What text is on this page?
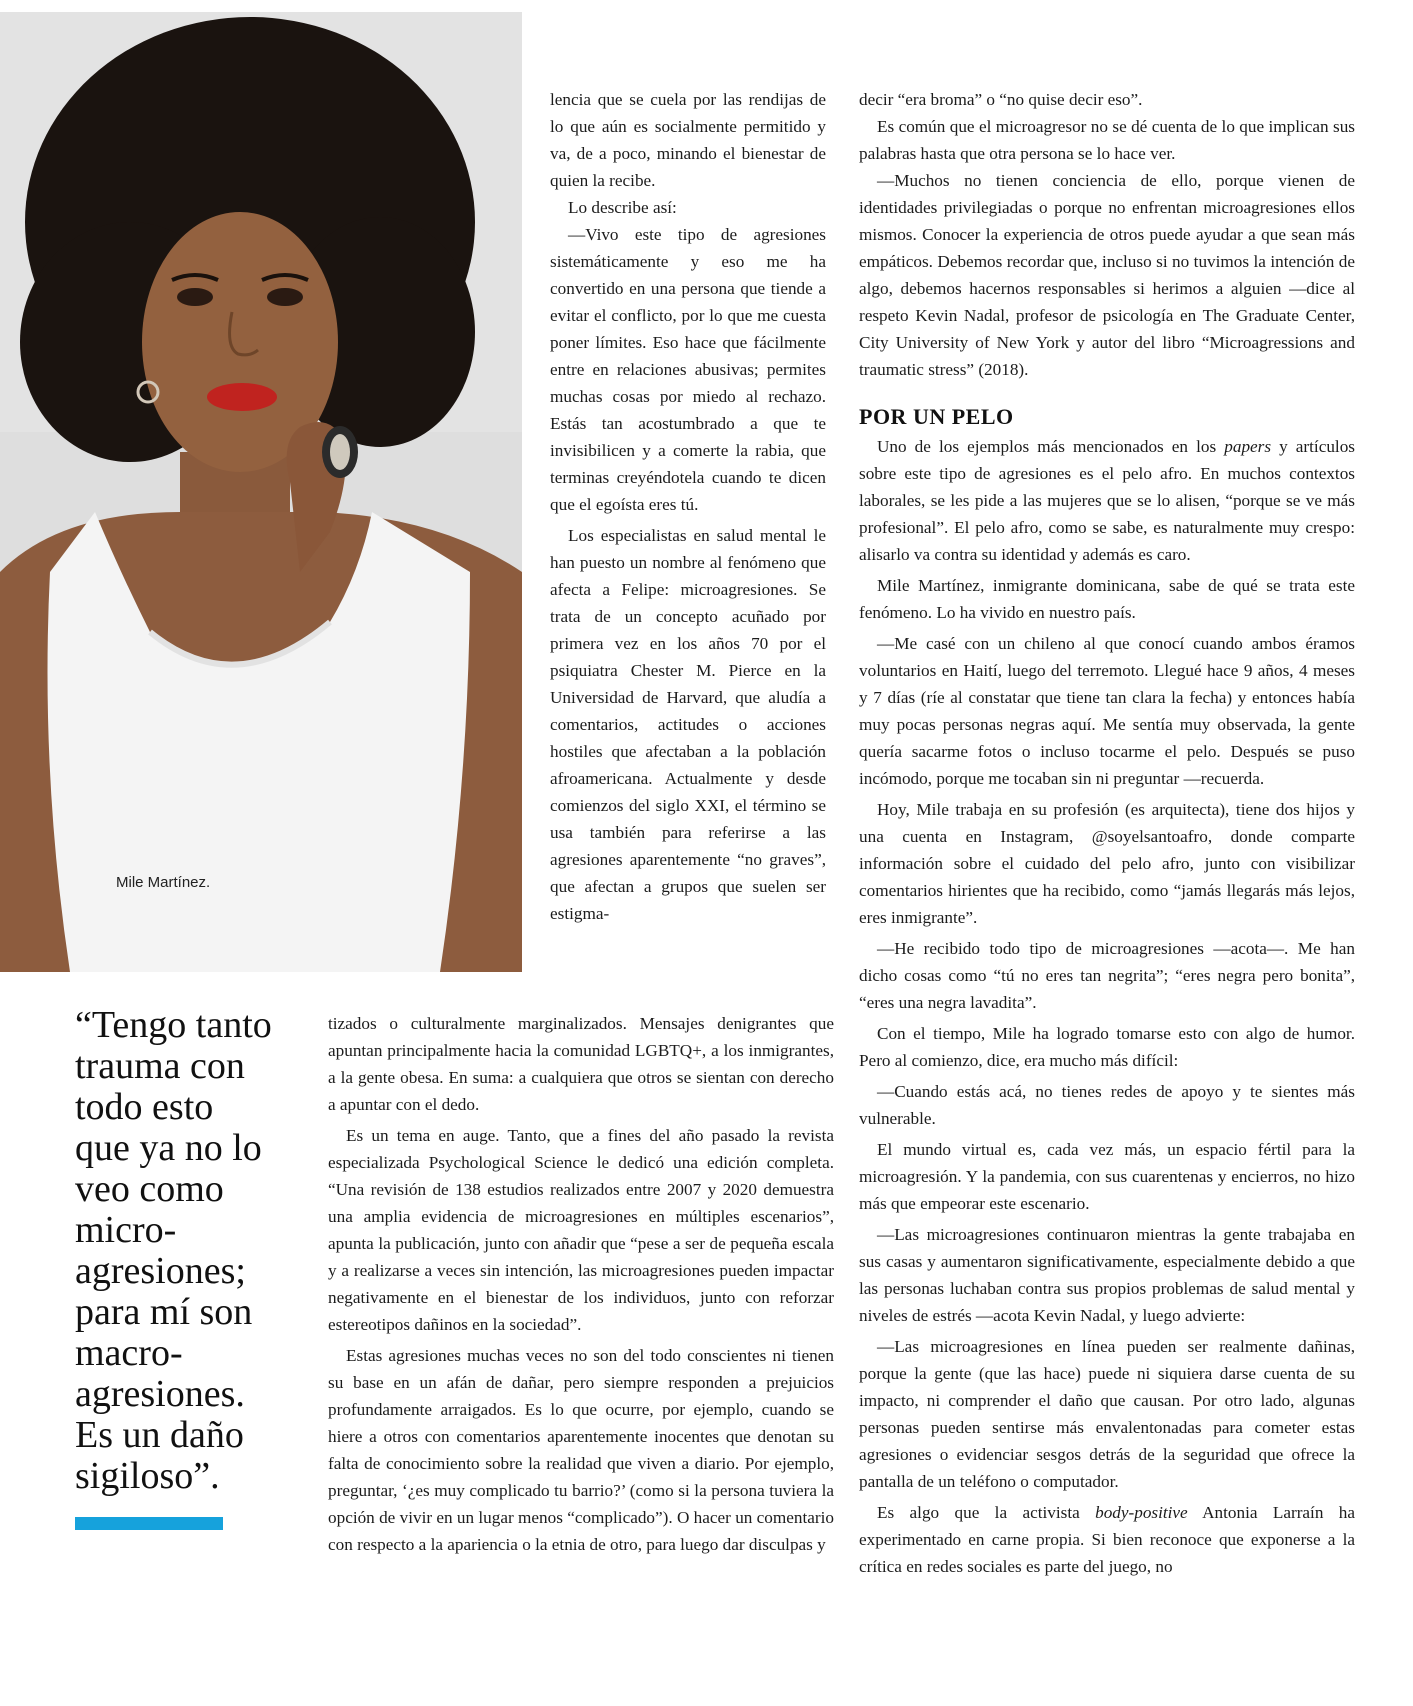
Mile Martínez.

“Tengo tanto

trauma con

todo esto

que ya no lo

veo como

micro-

agresiones;

para mí son

macro-

agresiones.

Es un daño

sigiloso”.

lencia que se cuela por las rendijas de lo que aún es socialmente permitido y va, de a poco, minando el bienestar de quien la recibe.

Lo describe así:

—Vivo este tipo de agresiones sistemáticamente y eso me ha convertido en una persona que tiende a evitar el conflicto, por lo que me cuesta poner límites. Eso hace que fácilmente entre en relaciones abusivas; permites muchas cosas por miedo al rechazo. Estás tan acostumbrado a que te invisibilicen y a comerte la rabia, que terminas creyéndotela cuando te dicen que el egoísta eres tú.

Los especialistas en salud mental le han puesto un nombre al fenómeno que afecta a Felipe: microagresiones. Se trata de un concepto acuñado por primera vez en los años 70 por el psiquiatra Chester M. Pierce en la Universidad de Harvard, que aludía a comentarios, actitudes o acciones hostiles que afectaban a la población afroamericana. Actualmente y desde comienzos del siglo XXI, el término se usa también para referirse a las agresiones aparentemente “no graves”, que afectan a grupos que suelen ser estigma-

tizados o culturalmente marginalizados. Mensajes denigrantes que apuntan principalmente hacia la comunidad LGBTQ+, a los inmigrantes, a la gente obesa. En suma: a cualquiera que otros se sientan con derecho a apuntar con el dedo.

Es un tema en auge. Tanto, que a fines del año pasado la revista especializada Psychological Science le dedicó una edición completa. “Una revisión de 138 estudios realizados entre 2007 y 2020 demuestra una amplia evidencia de microagresiones en múltiples escenarios”, apunta la publicación, junto con añadir que “pese a ser de pequeña escala y a realizarse a veces sin intención, las microagresiones pueden impactar negativamente en el bienestar de los individuos, junto con reforzar estereotipos dañinos en la sociedad”.

Estas agresiones muchas veces no son del todo conscientes ni tienen su base en un afán de dañar, pero siempre responden a prejuicios profundamente arraigados. Es lo que ocurre, por ejemplo, cuando se hiere a otros con comentarios aparentemente inocentes que denotan su falta de conocimiento sobre la realidad que viven a diario. Por ejemplo, preguntar, ‘¿es muy complicado tu barrio?’ (como si la persona tuviera la opción de vivir en un lugar menos “complicado”). O hacer un comentario con respecto a la apariencia o la etnia de otro, para luego dar disculpas y

decir “era broma” o “no quise decir eso”.

Es común que el microagresor no se dé cuenta de lo que implican sus palabras hasta que otra persona se lo hace ver.

—Muchos no tienen conciencia de ello, porque vienen de identidades privilegiadas o porque no enfrentan microagresiones ellos mismos. Conocer la experiencia de otros puede ayudar a que sean más empáticos. Debemos recordar que, incluso si no tuvimos la intención de algo, debemos hacernos responsables si herimos a alguien —dice al respeto Kevin Nadal, profesor de psicología en The Graduate Center, City University of New York y autor del libro “Microagressions and traumatic stress” (2018).

POR UN PELO

Uno de los ejemplos más mencionados en los papers y artículos sobre este tipo de agresiones es el pelo afro. En muchos contextos laborales, se les pide a las mujeres que se lo alisen, “porque se ve más profesional”. El pelo afro, como se sabe, es naturalmente muy crespo: alisarlo va contra su identidad y además es caro.

Mile Martínez, inmigrante dominicana, sabe de qué se trata este fenómeno. Lo ha vivido en nuestro país.

—Me casé con un chileno al que conocí cuando ambos éramos voluntarios en Haití, luego del terremoto. Llegué hace 9 años, 4 meses y 7 días (ríe al constatar que tiene tan clara la fecha) y entonces había muy pocas personas negras aquí. Me sentía muy observada, la gente quería sacarme fotos o incluso tocarme el pelo. Después se puso incómodo, porque me tocaban sin ni preguntar —recuerda.

Hoy, Mile trabaja en su profesión (es arquitecta), tiene dos hijos y una cuenta en Instagram, @soyelsantoafro, donde comparte información sobre el cuidado del pelo afro, junto con visibilizar comentarios hirientes que ha recibido, como “jamás llegarás más lejos, eres inmigrante”.

—He recibido todo tipo de microagresiones —acota—. Me han dicho cosas como “tú no eres tan negrita”; “eres negra pero bonita”, “eres una negra lavadita”.

Con el tiempo, Mile ha logrado tomarse esto con algo de humor. Pero al comienzo, dice, era mucho más difícil:

—Cuando estás acá, no tienes redes de apoyo y te sientes más vulnerable.

El mundo virtual es, cada vez más, un espacio fértil para la microagresión. Y la pandemia, con sus cuarentenas y encierros, no hizo más que empeorar este escenario.

—Las microagresiones continuaron mientras la gente trabajaba en sus casas y aumentaron significativamente, especialmente debido a que las personas luchaban contra sus propios problemas de salud mental y niveles de estrés —acota Kevin Nadal, y luego advierte:

—Las microagresiones en línea pueden ser realmente dañinas, porque la gente (que las hace) puede ni siquiera darse cuenta de su impacto, ni comprender el daño que causan. Por otro lado, algunas personas pueden sentirse más envalentonadas para cometer estas agresiones o evidenciar sesgos detrás de la seguridad que ofrece la pantalla de un teléfono o computador.

Es algo que la activista body-positive Antonia Larraín ha experimentado en carne propia. Si bien reconoce que exponerse a la crítica en redes sociales es parte del juego, no
